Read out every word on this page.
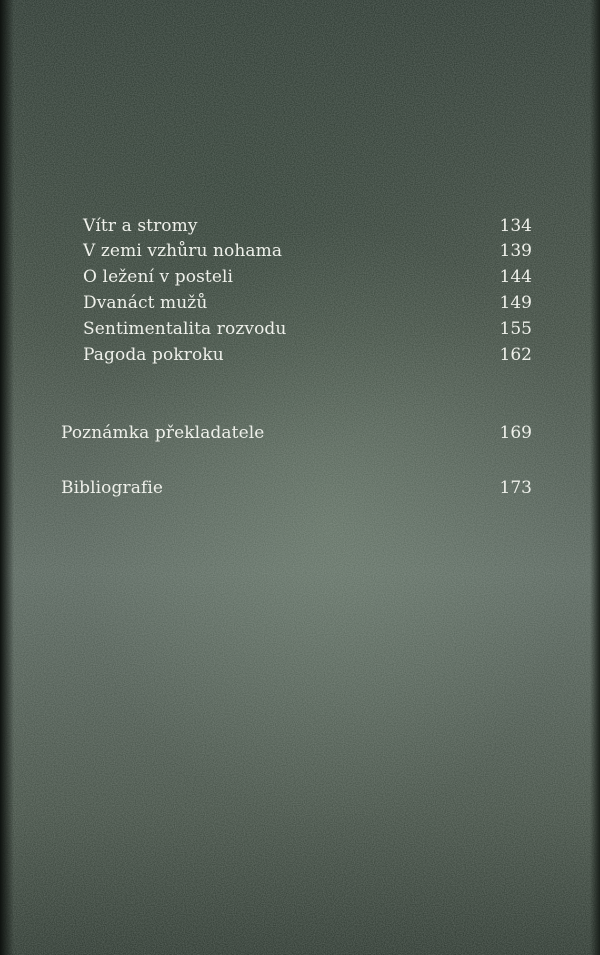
Vítr a stromy	134
V zemi vzhůru nohama	139
O ležení v posteli	144
Dvanáct mužů	149
Sentimentalita rozvodu	155
Pagoda pokroku	162
Poznámka překladatele	169
Bibliografie	173
